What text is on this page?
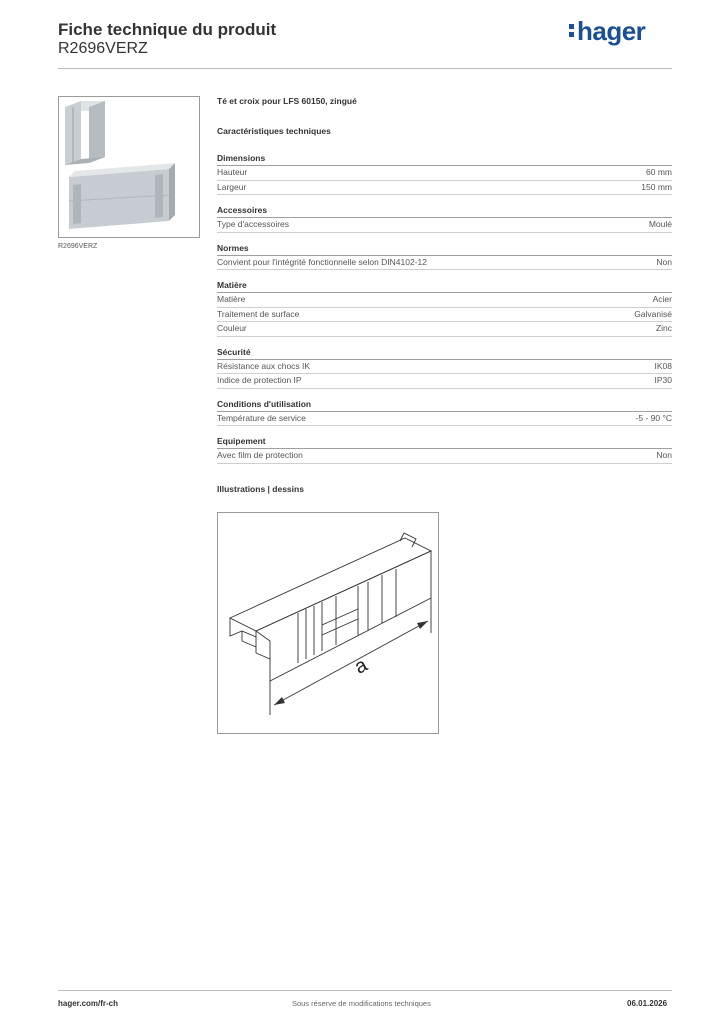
Fiche technique du produit
R2696VERZ
hager
R2696VERZ
Té et croix pour LFS 60150, zingué
Caractéristiques techniques
Dimensions
Hauteur	60 mm
Largeur	150 mm
Accessoires
Type d'accessoires	Moulé
Normes
Convient pour l'intégrité fonctionnelle selon DIN4102-12	Non
Matière
Matière	Acier
Traitement de surface	Galvanisé
Couleur	Zinc
Sécurité
Résistance aux chocs IK	IK08
Indice de protection IP	IP30
Conditions d'utilisation
Température de service	-5 - 90 °C
Equipement
Avec film de protection	Non
Illustrations | dessins
a
hager.com/fr-ch	Sous réserve de modifications techniques	06.01.2026
